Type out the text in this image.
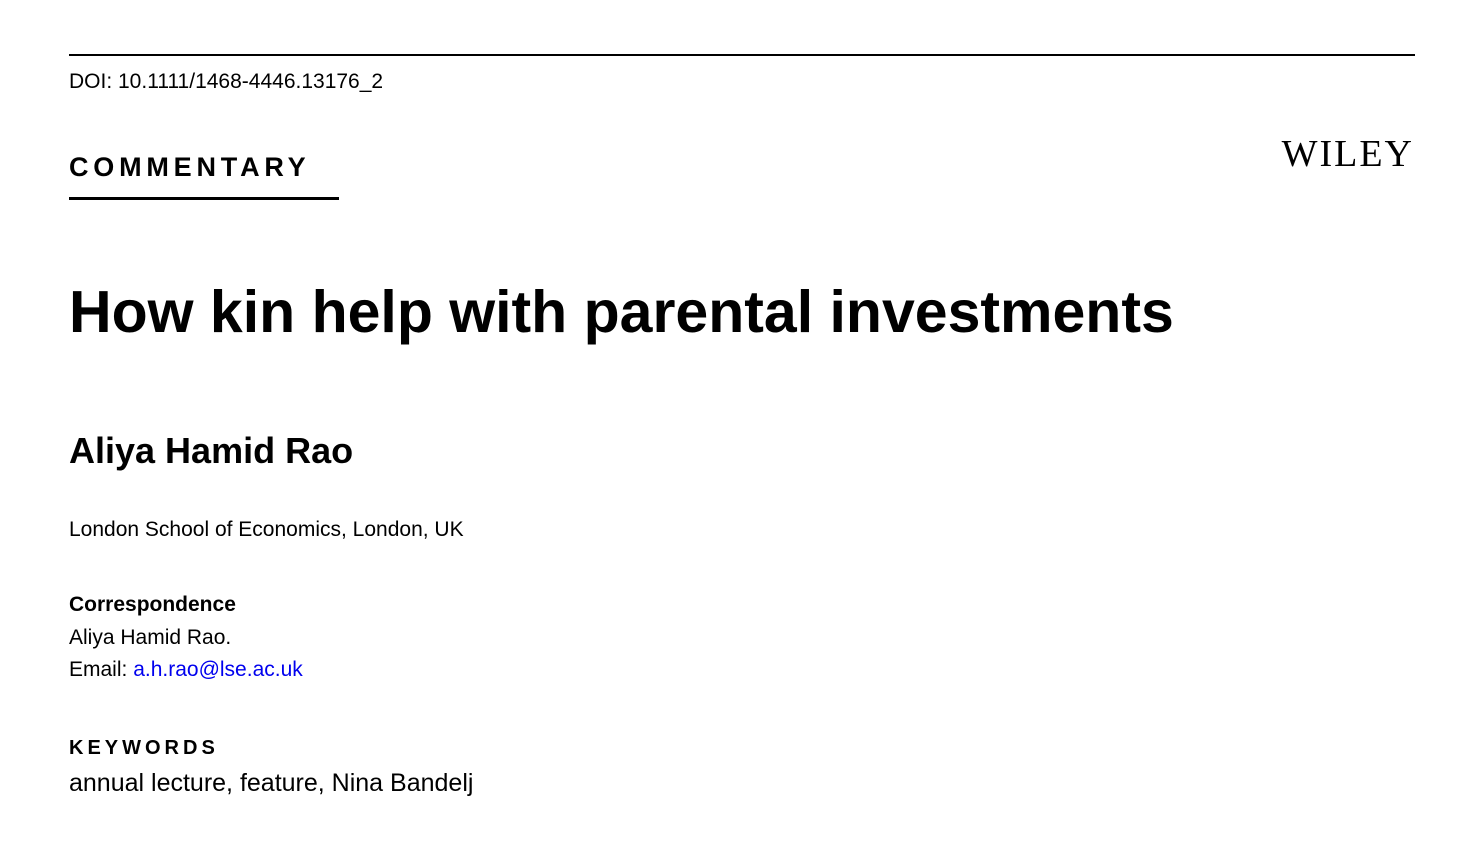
DOI: 10.1111/1468-4446.13176_2
COMMENTARY	WILEY
How kin help with parental investments
Aliya Hamid Rao
London School of Economics, London, UK
Correspondence
Aliya Hamid Rao.
Email: a.h.rao@lse.ac.uk
KEYWORDS
annual lecture, feature, Nina Bandelj
